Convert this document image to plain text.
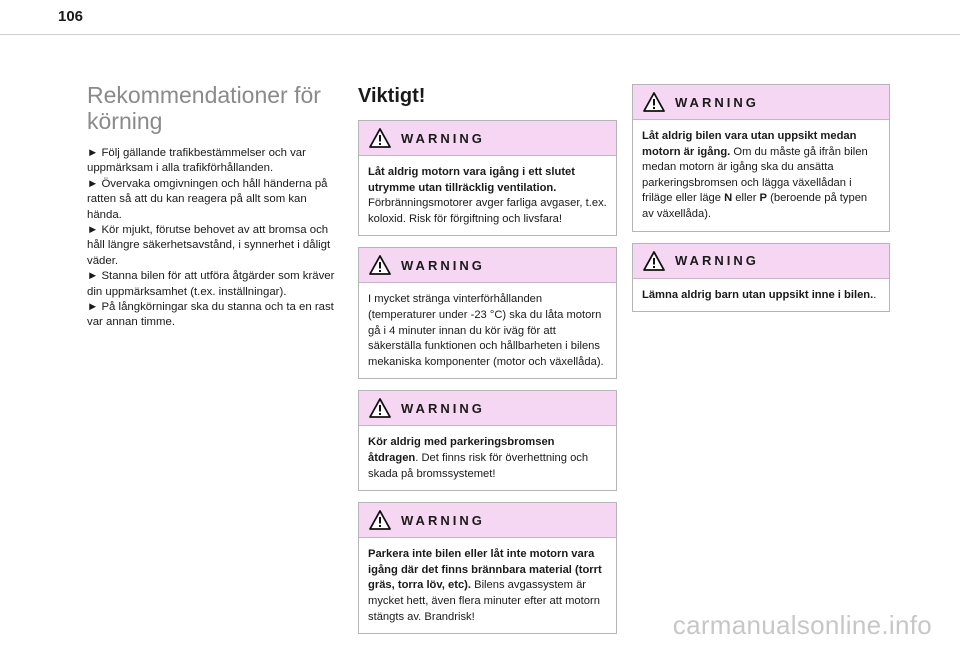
106
Rekommendationer för
körning

► Följ gällande trafikbestämmelser och var uppmärksam i alla trafikförhållanden.

► Övervaka omgivningen och håll händerna på ratten så att du kan reagera på allt som kan hända.

► Kör mjukt, förutse behovet av att bromsa och håll längre säkerhetsavstånd, i synnerhet i dåligt väder.

► Stanna bilen för att utföra åtgärder som kräver din uppmärksamhet (t.ex. inställningar).

► På långkörningar ska du stanna och ta en rast var annan timme.

Viktigt!
WARNING
Låt aldrig motorn vara igång i ett slutet utrymme utan tillräcklig ventilation. Förbränningsmotorer avger farliga avgaser, t.ex. koloxid. Risk för förgiftning och livsfara!
WARNING
I mycket stränga vinterförhållanden (temperaturer under -23 °C) ska du låta motorn gå i 4 minuter innan du kör iväg för att säkerställa funktionen och hållbarheten i bilens mekaniska komponenter (motor och växellåda).
WARNING
Kör aldrig med parkeringsbromsen åtdragen. Det finns risk för överhettning och skada på bromssystemet!
WARNING
Parkera inte bilen eller låt inte motorn vara igång där det finns brännbara material (torrt gräs, torra löv, etc). Bilens avgassystem är mycket hett, även flera minuter efter att motorn stängts av. Brandrisk!
WARNING
Låt aldrig bilen vara utan uppsikt medan motorn är igång. Om du måste gå ifrån bilen medan motorn är igång ska du ansätta parkeringsbromsen och lägga växellådan i friläge eller läge N eller P (beroende på typen av växellåda).
WARNING
Lämna aldrig barn utan uppsikt inne i bilen..
carmanualsonline.info
